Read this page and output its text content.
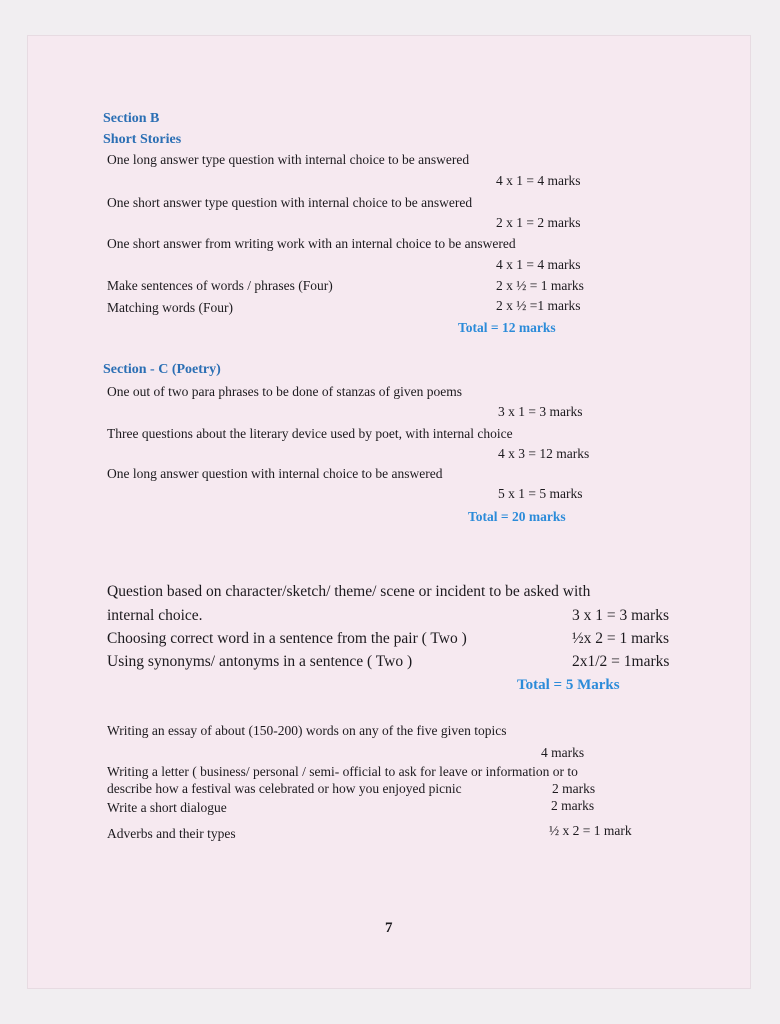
Section B
Short Stories
One long answer type question with internal choice to be answered
4 x 1 = 4 marks
One short answer type question with internal choice to be answered
2 x 1 = 2 marks
One short answer from writing work with an internal choice to be answered
4 x 1 = 4 marks
Make sentences of words / phrases (Four)	2 x ½ = 1 marks
Matching words (Four)	2 x ½ =1 marks
Total = 12 marks
Section - C (Poetry)
One out of two para phrases to be done of stanzas of given poems
3 x 1 = 3 marks
Three questions about the literary device used by poet, with internal choice
4 x 3 = 12 marks
One long answer question with internal choice to be answered
5 x 1 = 5 marks
Total = 20 marks
Question based on character/sketch/ theme/ scene or incident to be asked with
internal choice.	3 x 1 = 3 marks
Choosing correct word in a sentence from the pair ( Two )	½x 2 = 1 marks
Using synonyms/ antonyms in a sentence ( Two )	2x1/2 = 1marks
Total = 5 Marks
Writing an essay of about (150-200) words on any of the five given topics
4 marks
Writing a letter ( business/ personal / semi- official to ask for leave or information or to
describe how a festival was celebrated or how you enjoyed picnic	2 marks
Write a short dialogue	2 marks
Adverbs and their types	½ x 2 = 1 mark
7
